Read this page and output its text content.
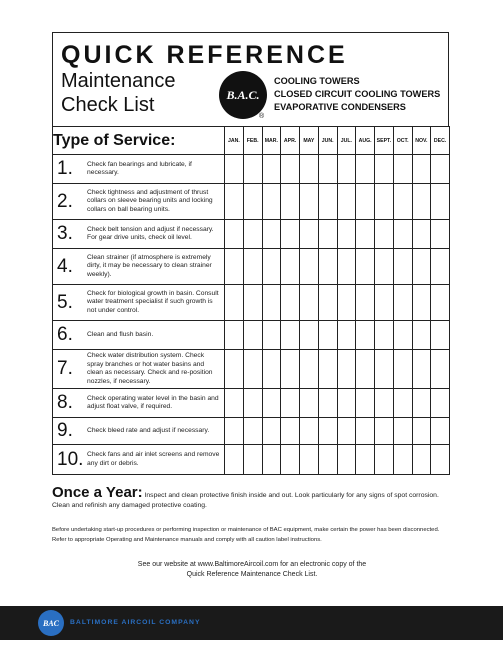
QUICK REFERENCE
Maintenance
Check List	B.A.C.
®
COOLING TOWERS
CLOSED CIRCUIT COOLING TOWERS
EVAPORATIVE CONDENSERS
Type of Service:	JAN.	FEB.	MAR.	APR.	MAY	JUN.	JUL.	AUG.	SEPT.	OCT.	NOV.	DEC.

1. Check fan bearings and lubricate, if necessary.												

2. Check tightness and adjustment of thrust collars on sleeve bearing units and locking collars on ball bearing units.												

3. Check belt tension and adjust if necessary. For gear drive units, check oil level.												

4. Clean strainer (if atmosphere is extremely dirty, it may be necessary to clean strainer weekly).												

5. Check for biological growth in basin. Consult water treatment specialist if such growth is not under control.												

6. Clean and flush basin.												

7.
Check water distribution system. Check spray branches or hot water basins and clean as necessary. Check and re-position nozzles, if necessary.												

8. Check operating water level in the basin and adjust float valve, if required.												

9. Check bleed rate and adjust if necessary.												

10. Check fans and air inlet screens and remove any dirt or debris.												

Once a Year: Inspect and clean protective finish inside and out. Look particularly for any signs of spot corrosion. Clean and refinish any damaged protective coating.
Before undertaking start-up procedures or performing inspection or maintenance of BAC equipment, make certain the power has been disconnected. Refer to appropriate Operating and Maintenance manuals and comply with all caution label instructions.
See our website at www.BaltimoreAircoil.com for an electronic copy of the
Quick Reference Maintenance Check List.
BAC	BALTIMORE AIRCOIL COMPANY
